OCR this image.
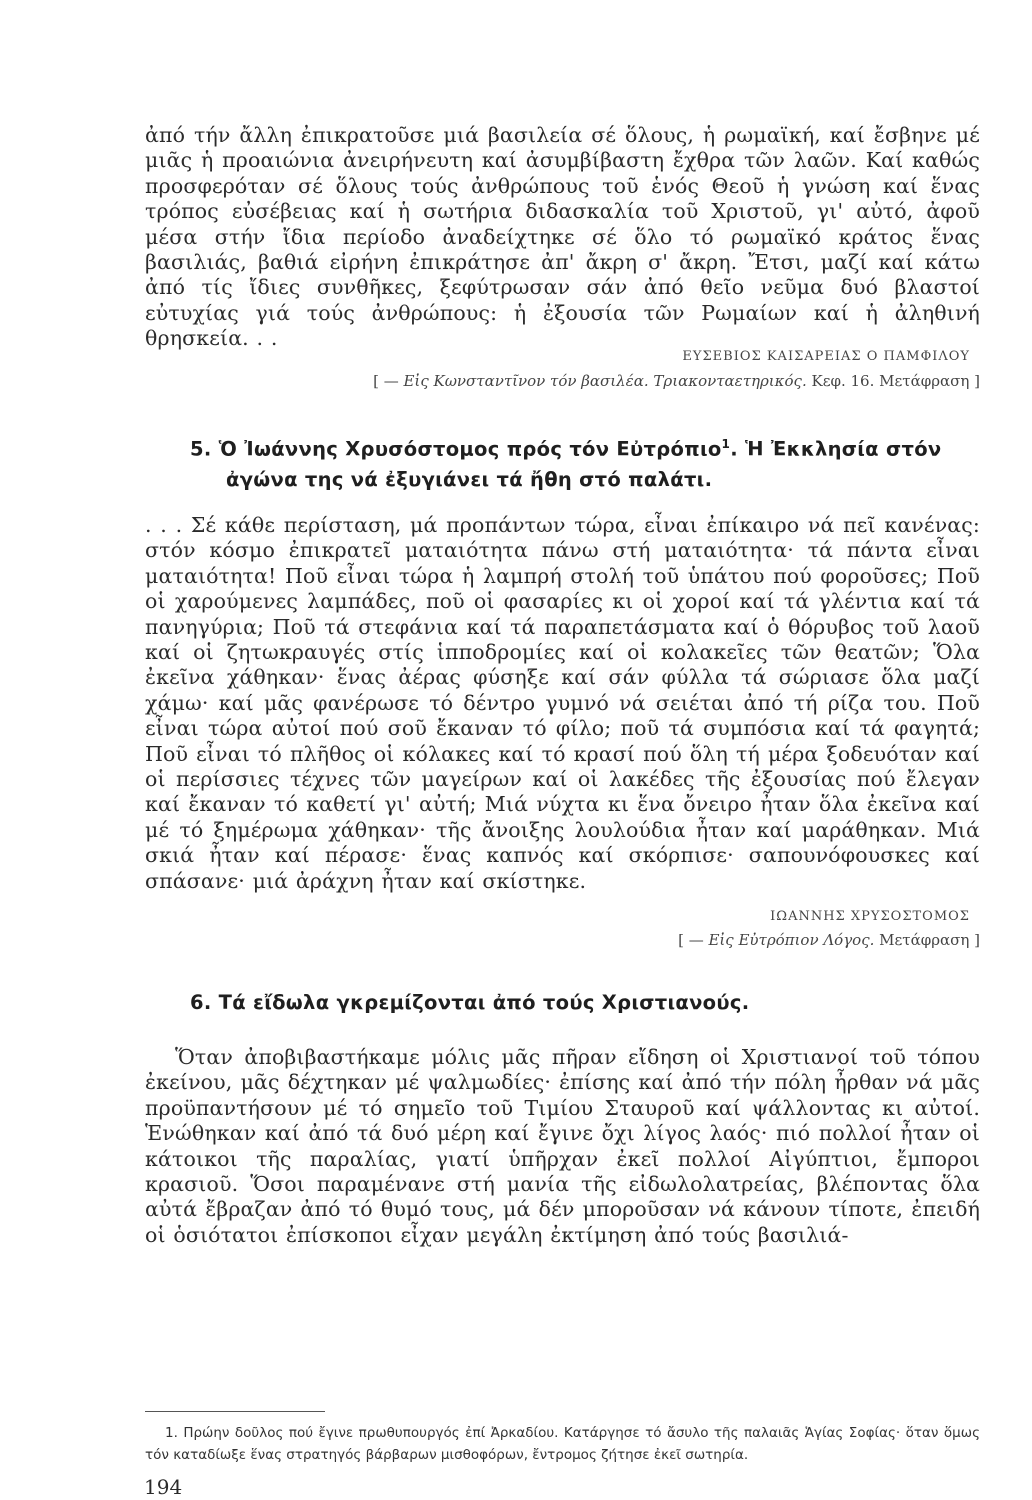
ἀπό τήν ἄλλη ἐπικρατοῦσε μιά βασιλεία σέ ὅλους, ἡ ρωμαϊκή, καί ἔσβηνε μέ μιᾶς ἡ προαιώνια ἀνειρήνευτη καί ἀσυμβίβαστη ἔχθρα τῶν λαῶν. Καί καθώς προσφερόταν σέ ὅλους τούς ἀνθρώπους τοῦ ἑνός Θεοῦ ἡ γνώση καί ἕνας τρόπος εὐσέβειας καί ἡ σωτήρια διδασκαλία τοῦ Χριστοῦ, γι' αὐτό, ἀφοῦ μέσα στήν ἴδια περίοδο ἀναδείχτηκε σέ ὅλο τό ρωμαϊκό κράτος ἕνας βασιλιάς, βαθιά εἰρήνη ἐπικράτησε ἀπ' ἄκρη σ' ἄκρη. Ἔτσι, μαζί καί κάτω ἀπό τίς ἴδιες συνθῆκες, ξεφύτρωσαν σάν ἀπό θεῖο νεῦμα δυό βλαστοί εὐτυχίας γιά τούς ἀνθρώπους: ἡ ἐξουσία τῶν Ρωμαίων καί ἡ ἀληθινή θρησκεία. . .

ΕΥΣΕΒΙΟΣ ΚΑΙΣΑΡΕΙΑΣ Ο ΠΑΜΦΙΛΟΥ
[ — Εἰς Κωνσταντῖνον τόν βασιλέα. Τριακονταετηρικός. Κεφ. 16. Μετάφραση ]
5. Ὁ Ἰωάννης Χρυσόστομος πρός τόν Εὐτρόπιο$^1$. Ἡ Ἐκκλησία στόν
ἀγώνα της νά ἐξυγιάνει τά ἤθη στό παλάτι.

. . . Σέ κάθε περίσταση, μά προπάντων τώρα, εἶναι ἐπίκαιρο νά πεῖ κανένας: στόν κόσμο ἐπικρατεῖ ματαιότητα πάνω στή ματαιότητα· τά πάντα εἶναι ματαιότητα! Ποῦ εἶναι τώρα ἡ λαμπρή στολή τοῦ ὑπάτου πού φοροῦσες; Ποῦ οἱ χαρούμενες λαμπάδες, ποῦ οἱ φασαρίες κι οἱ χοροί καί τά γλέντια καί τά πανηγύρια; Ποῦ τά στεφάνια καί τά παραπετάσματα καί ὁ θόρυβος τοῦ λαοῦ καί οἱ ζητωκραυγές στίς ἱπποδρομίες καί οἱ κολακεῖες τῶν θεατῶν; Ὅλα ἐκεῖνα χάθηκαν· ἕνας ἀέρας φύσηξε καί σάν φύλλα τά σώριασε ὅλα μαζί χάμω· καί μᾶς φανέρωσε τό δέντρο γυμνό νά σειέται ἀπό τή ρίζα του. Ποῦ εἶναι τώρα αὐτοί πού σοῦ ἔκαναν τό φίλο; ποῦ τά συμπόσια καί τά φαγητά; Ποῦ εἶναι τό πλῆθος οἱ κόλακες καί τό κρασί πού ὅλη τή μέρα ξοδευόταν καί οἱ περίσσιες τέχνες τῶν μαγείρων καί οἱ λακέδες τῆς ἐξουσίας πού ἔλεγαν καί ἔκαναν τό καθετί γι' αὐτή; Μιά νύχτα κι ἕνα ὄνειρο ἦταν ὅλα ἐκεῖνα καί μέ τό ξημέρωμα χάθηκαν· τῆς ἄνοιξης λουλούδια ἦταν καί μαράθηκαν. Μιά σκιά ἦταν καί πέρασε· ἕνας καπνός καί σκόρπισε· σαπουνόφουσκες καί σπάσανε· μιά ἀράχνη ἦταν καί σκίστηκε.

ΙΩΑΝΝΗΣ ΧΡΥΣΟΣΤΟΜΟΣ
[ — Εἰς Εὐτρόπιον Λόγος. Μετάφραση ]
6. Τά εἴδωλα γκρεμίζονται ἀπό τούς Χριστιανούς.

Ὅταν ἀποβιβαστήκαμε μόλις μᾶς πῆραν εἴδηση οἱ Χριστιανοί τοῦ τόπου ἐκείνου, μᾶς δέχτηκαν μέ ψαλμωδίες· ἐπίσης καί ἀπό τήν πόλη ἦρθαν νά μᾶς προϋπαντήσουν μέ τό σημεῖο τοῦ Τιμίου Σταυροῦ καί ψάλλοντας κι αὐτοί. Ἑνώθηκαν καί ἀπό τά δυό μέρη καί ἔγινε ὄχι λίγος λαός· πιό πολλοί ἦταν οἱ κάτοικοι τῆς παραλίας, γιατί ὑπῆρχαν ἐκεῖ πολλοί Αἰγύπτιοι, ἔμποροι κρασιοῦ. Ὅσοι παραμένανε στή μανία τῆς εἰδωλολατρείας, βλέποντας ὅλα αὐτά ἔβραζαν ἀπό τό θυμό τους, μά δέν μποροῦσαν νά κάνουν τίποτε, ἐπειδή οἱ ὁσιότατοι ἐπίσκοποι εἶχαν μεγάλη ἐκτίμηση ἀπό τούς βασιλιά-

1. Πρώην δοῦλος πού ἔγινε πρωθυπουργός ἐπί Ἀρκαδίου. Κατάργησε τό ἄσυλο τῆς παλαιᾶς Ἁγίας Σοφίας· ὅταν ὅμως τόν καταδίωξε ἕνας στρατηγός βάρβαρων μισθοφόρων, ἔντρομος ζήτησε ἐκεῖ σωτηρία.

194
